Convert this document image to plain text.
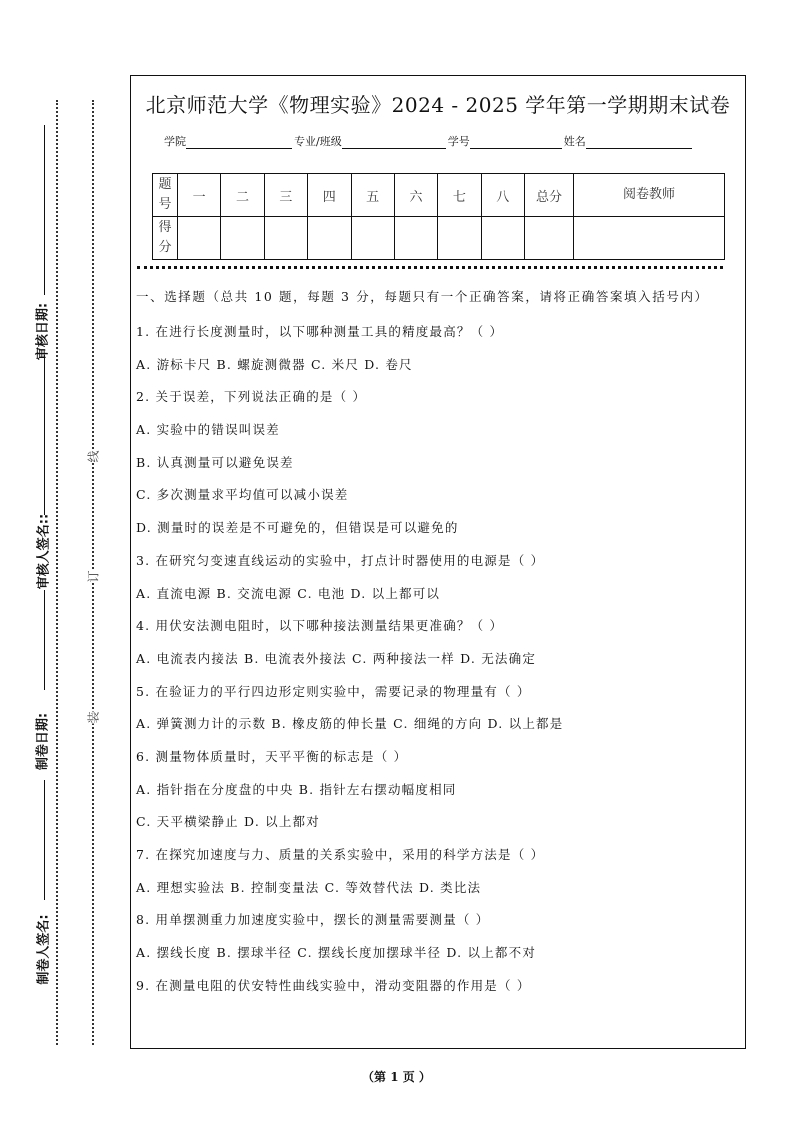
审核日期:
审核人签名::
制卷日期:
制卷人签名:
线
订
装
北京师范大学《物理实验》2024 - 2025 学年第一学期期末试卷
学院	专业/班级	学号	姓名
题号	一	二	三	四	五	六	七	八	总分	阅卷教师
得分										
一、选择题（总共 10 题，每题 3 分，每题只有一个正确答案，请将正确答案填入括号内）
1. 在进行长度测量时，以下哪种测量工具的精度最高？（ ）
A. 游标卡尺 B. 螺旋测微器 C. 米尺 D. 卷尺
2. 关于误差，下列说法正确的是（ ）
A. 实验中的错误叫误差
B. 认真测量可以避免误差
C. 多次测量求平均值可以减小误差
D. 测量时的误差是不可避免的，但错误是可以避免的
3. 在研究匀变速直线运动的实验中，打点计时器使用的电源是（ ）
A. 直流电源 B. 交流电源 C. 电池 D. 以上都可以
4. 用伏安法测电阻时，以下哪种接法测量结果更准确？（ ）
A. 电流表内接法 B. 电流表外接法 C. 两种接法一样 D. 无法确定
5. 在验证力的平行四边形定则实验中，需要记录的物理量有（ ）
A. 弹簧测力计的示数 B. 橡皮筋的伸长量 C. 细绳的方向 D. 以上都是
6. 测量物体质量时，天平平衡的标志是（ ）
A. 指针指在分度盘的中央 B. 指针左右摆动幅度相同
C. 天平横梁静止 D. 以上都对
7. 在探究加速度与力、质量的关系实验中，采用的科学方法是（ ）
A. 理想实验法 B. 控制变量法 C. 等效替代法 D. 类比法
8. 用单摆测重力加速度实验中，摆长的测量需要测量（ ）
A. 摆线长度 B. 摆球半径 C. 摆线长度加摆球半径 D. 以上都不对
9. 在测量电阻的伏安特性曲线实验中，滑动变阻器的作用是（ ）
（第 1 页 ）
